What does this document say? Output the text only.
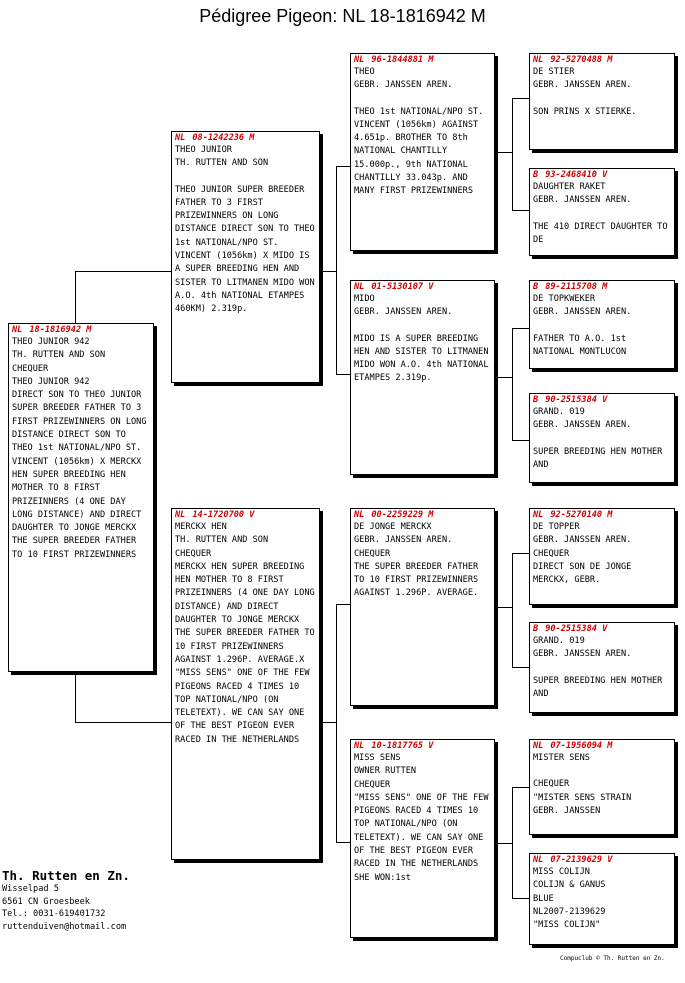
Pédigree Pigeon: NL 18-1816942 M
NL 18-1816942 M
THEO JUNIOR 942
TH. RUTTEN AND SON
CHEQUER
THEO JUNIOR 942
DIRECT SON TO THEO JUNIOR SUPER BREEDER FATHER TO 3 FIRST PRIZEWINNERS ON LONG DISTANCE DIRECT SON TO THEO 1st NATIONAL/NPO ST. VINCENT (1056km) X MERCKX HEN SUPER BREEDING HEN MOTHER TO 8 FIRST PRIZEINNERS (4 ONE DAY LONG DISTANCE) AND DIRECT DAUGHTER TO JONGE MERCKX THE SUPER BREEDER FATHER TO 10 FIRST PRIZEWINNERS
NL 08-1242236 M
THEO JUNIOR
TH. RUTTEN AND SON
THEO JUNIOR SUPER BREEDER FATHER TO 3 FIRST PRIZEWINNERS ON LONG DISTANCE DIRECT SON TO THEO 1st NATIONAL/NPO ST. VINCENT (1056km) X MIDO IS A SUPER BREEDING HEN AND SISTER TO LITMANEN MIDO WON A.O. 4th NATIONAL ETAMPES 460KM) 2.319p.
NL 14-1720700 V
MERCKX HEN
TH. RUTTEN AND SON
CHEQUER
MERCKX HEN SUPER BREEDING HEN MOTHER TO 8 FIRST PRIZEINNERS (4 ONE DAY LONG DISTANCE) AND DIRECT DAUGHTER TO JONGE MERCKX THE SUPER BREEDER FATHER TO 10 FIRST PRIZEWINNERS AGAINST 1.296P. AVERAGE.X "MISS SENS" ONE OF THE FEW PIGEONS RACED 4 TIMES 10 TOP NATIONAL/NPO (ON TELETEXT). WE CAN SAY ONE OF THE BEST PIGEON EVER RACED IN THE NETHERLANDS
NL 96-1844881 M
THEO
GEBR. JANSSEN AREN.
THEO 1st NATIONAL/NPO ST. VINCENT (1056km) AGAINST 4.651p. BROTHER TO 8th NATIONAL CHANTILLY 15.000p., 9th NATIONAL CHANTILLY 33.043p. AND MANY FIRST PRIZEWINNERS
NL 01-5130107 V
MIDO
GEBR. JANSSEN AREN.
MIDO IS A SUPER BREEDING HEN AND SISTER TO LITMANEN MIDO WON A.O. 4th NATIONAL ETAMPES 2.319p.
NL 00-2259229 M
DE JONGE MERCKX
GEBR. JANSSEN AREN.
CHEQUER
THE SUPER BREEDER FATHER TO 10 FIRST PRIZEWINNERS AGAINST 1.296P. AVERAGE.
NL 10-1817765 V
MISS SENS
OWNER RUTTEN
CHEQUER
"MISS SENS" ONE OF THE FEW PIGEONS RACED 4 TIMES 10 TOP NATIONAL/NPO (ON TELETEXT). WE CAN SAY ONE OF THE BEST PIGEON EVER RACED IN THE NETHERLANDS SHE WON:1st
NL 92-5270488 M
DE STIER
GEBR. JANSSEN AREN.
SON PRINS X STIERKE.
B 93-2468410 V
DAUGHTER RAKET
GEBR. JANSSEN AREN.
THE 410 DIRECT DAUGHTER TO DE
B 89-2115708 M
DE TOPKWEKER
GEBR. JANSSEN AREN.
FATHER TO A.O. 1st NATIONAL MONTLUCON
B 90-2515384 V
GRAND. 019
GEBR. JANSSEN AREN.
SUPER BREEDING HEN MOTHER AND
NL 92-5270140 M
DE TOPPER
GEBR. JANSSEN AREN.
CHEQUER
DIRECT SON DE JONGE MERCKX, GEBR.
B 90-2515384 V
GRAND. 019
GEBR. JANSSEN AREN.
SUPER BREEDING HEN MOTHER AND
NL 07-1956094 M
MISTER SENS
CHEQUER
"MISTER SENS STRAIN
GEBR. JANSSEN
NL 07-2139629 V
MISS COLIJN
COLIJN & GANUS
BLUE
NL2007-2139629
"MISS COLIJN"
Th. Rutten en Zn.
Wisselpad 5
6561 CN Groesbeek
Tel.: 0031-619401732
ruttenduiven@hotmail.com
Compuclub © Th. Rutten en Zn.
